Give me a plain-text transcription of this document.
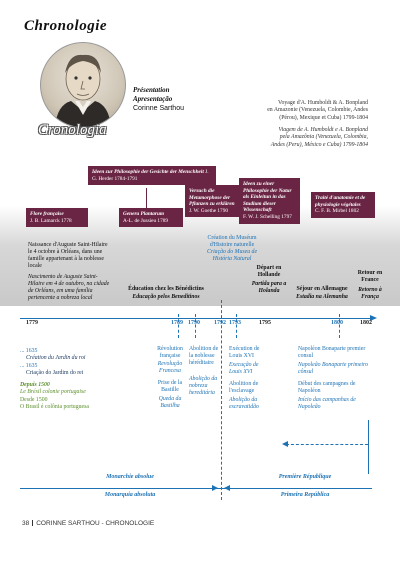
Chronologie
Cronologia
Présentation
Apresentação
Corinne Sarthou
Voyage d'A. Humboldt & A. Bonpland
en Amazonie (Venezuela, Colombie, Andes
(Pérou), Mexique et Cuba) 1799-1804
Viagem de A. Humboldt e A. Bonpland
pela Amazônia (Venezuela, Colombia,
Andes (Peru), México e Cuba) 1799-1804
Ideen zur Philosophie der Gesichte der Menschheit J. G. Herder 1784-1791
Flore française
J. B. Lamarck 1778
Genera Plantarum
A-L. de Jussieu 1789
Versuch die Metamorphose der Pflanzen zu erklären
J. W. Goethe 1790
Ideen zu einer Philosophie der Natur als Einleitun in das Studium dieser Wissenschaft
F. W. J. Schelling 1797
Traité d'anatomie et de physiologie végétales
C. F. B. Mirbel 1802
Naissance d'Auguste Saint-Hilaire le 4 octobre à Orléans, dans une famille appartenant à la noblesse locale
Nascimento de Auguste Saint-Hilaire em 4 de outubro, na cidade de Orléans, em uma família pertencente a nobreza local
Éducation chez les Bénédictins
Educação pelos Beneditinos
Création du Muséum d'Histoire naturelle
Criação do Museu de História Natural
Départ en Hollande
Partida para a Holanda	Séjour en Allemagne
Estadia na Alemanha
Retour en France
Retorno à França
1779	1789 1790 1792 1793	1795	1800	1802
... 1635
Création du Jardin du roi
... 1635
Criação do Jardim do rei
Depuis 1500
Le Brésil colonie portugaise
Desde 1500
O Brasil é colônia portuguesa
Révolution française
Revolução Francesa
Prise de la Bastille
Queda da Bastilha
Abolition de la noblesse héréditaire
Abolição da nobreza hereditária
Exécution de Louis XVI
Execução de Louis XVI
Abolition de l'esclavage
Abolição da escravatidão
Napoléon Bonaparte premier consul
Napoleão Bonaparte primeiro cônsul
Début des campagnes de Napoléon
Início das campanhas de Napoleão
Monarchie absolue
Monarquia absoluta
Première République
Primeira República
38 CORINNE SARTHOU - CHRONOLOGIE
